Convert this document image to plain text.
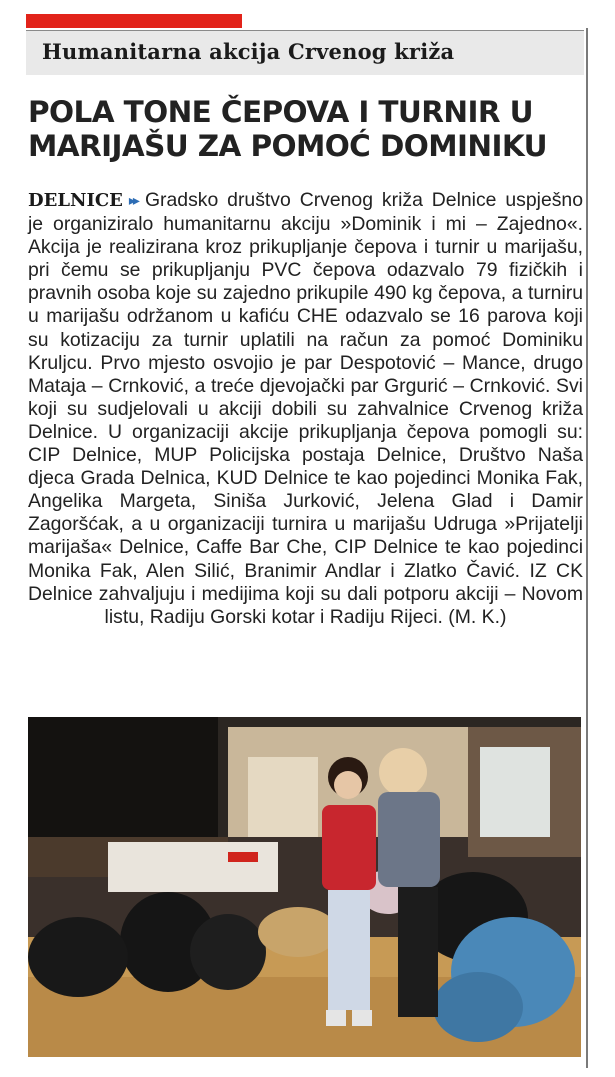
Humanitarna akcija Crvenog križa
POLA TONE ČEPOVA I TURNIR U MARIJAŠU ZA POMOĆ DOMINIKU
DELNICE ▸▸ Gradsko društvo Crvenog križa Delnice uspješno je organiziralo humanitarnu akciju »Dominik i mi – Zajedno«. Akcija je realizirana kroz prikupljanje čepova i turnir u marijašu, pri čemu se prikupljanju PVC čepova odazvalo 79 fizičkih i pravnih osoba koje su zajedno prikupile 490 kg čepova, a turniru u marijašu održanom u kafiću CHE odazvalo se 16 parova koji su kotizaciju za turnir uplatili na račun za pomoć Dominiku Kruljcu. Prvo mjesto osvojio je par Despotović – Mance, drugo Mataja – Crnković, a treće djevojački par Grgurić – Crnković. Svi koji su sudjelovali u akciji dobili su zahvalnice Crvenog križa Delnice. U organizaciji akcije prikupljanja čepova pomogli su: CIP Delnice, MUP Policijska postaja Delnice, Društvo Naša djeca Grada Delnica, KUD Delnice te kao pojedinci Monika Fak, Angelika Margeta, Siniša Jurković, Jelena Glad i Damir Zagoršćak, a u organizaciji turnira u marijašu Udruga »Prijatelji marijaša« Delnice, Caffe Bar Che, CIP Delnice te kao pojedinci Monika Fak, Alen Silić, Branimir Andlar i Zlatko Čavić. IZ CK Delnice zahvaljuju i medijima koji su dali potporu akciji – Novom listu, Radiju Gorski kotar i Radiju Rijeci. (M. K.)
